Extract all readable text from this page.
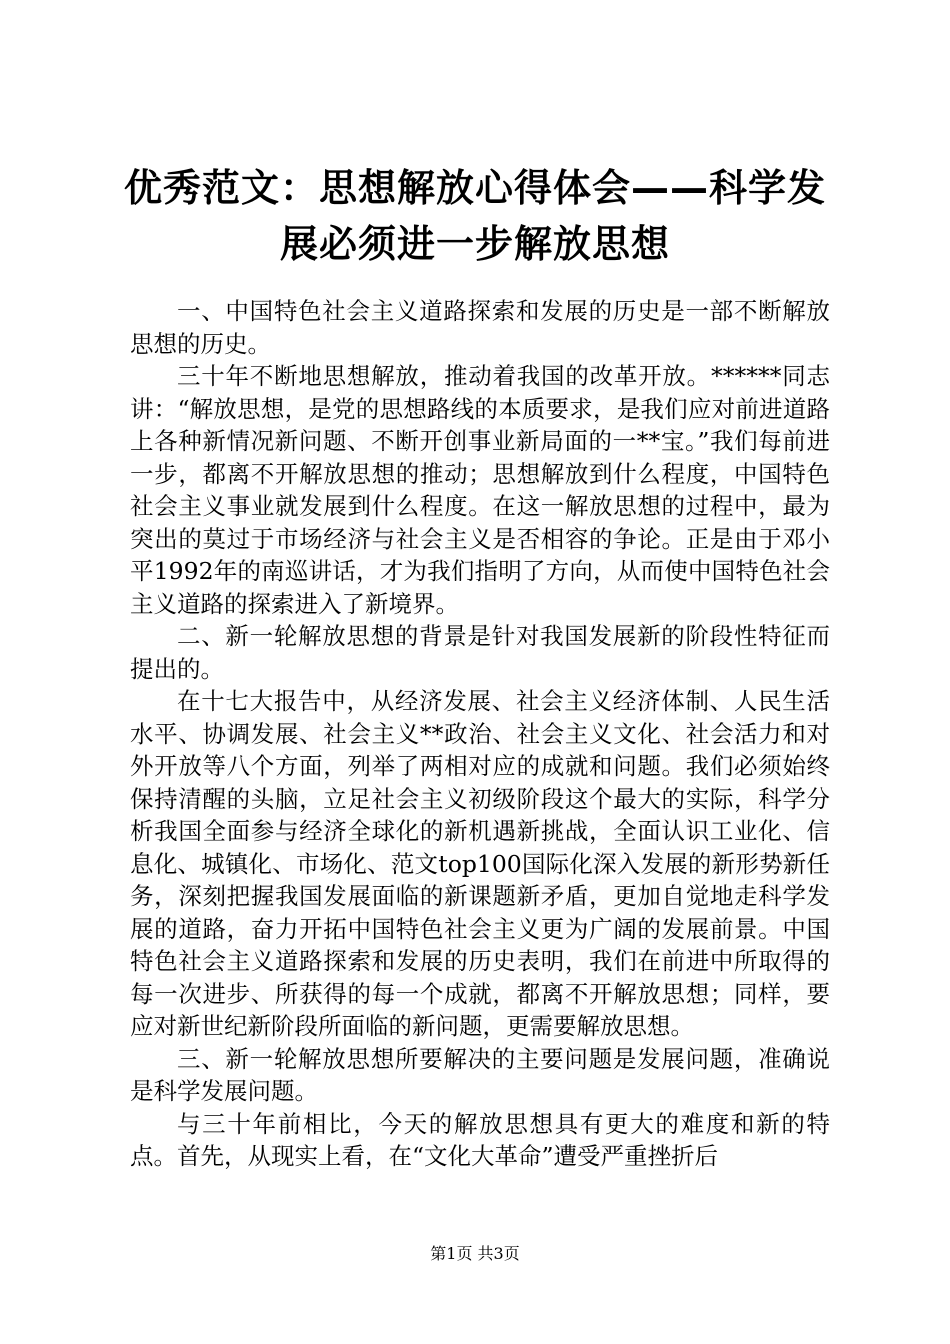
优秀范文：思想解放心得体会——科学发展必须进一步解放思想

一、中国特色社会主义道路探索和发展的历史是一部不断解放思想的历史。

三十年不断地思想解放，推动着我国的改革开放。******同志讲：“解放思想，是党的思想路线的本质要求，是我们应对前进道路上各种新情况新问题、不断开创事业新局面的一**宝。”我们每前进一步，都离不开解放思想的推动；思想解放到什么程度，中国特色社会主义事业就发展到什么程度。在这一解放思想的过程中，最为突出的莫过于市场经济与社会主义是否相容的争论。正是由于邓小平1992年的南巡讲话，才为我们指明了方向，从而使中国特色社会主义道路的探索进入了新境界。

二、新一轮解放思想的背景是针对我国发展新的阶段性特征而提出的。

在十七大报告中，从经济发展、社会主义经济体制、人民生活水平、协调发展、社会主义**政治、社会主义文化、社会活力和对外开放等八个方面，列举了两相对应的成就和问题。我们必须始终保持清醒的头脑，立足社会主义初级阶段这个最大的实际，科学分析我国全面参与经济全球化的新机遇新挑战，全面认识工业化、信息化、城镇化、市场化、范文top100国际化深入发展的新形势新任务，深刻把握我国发展面临的新课题新矛盾，更加自觉地走科学发展的道路，奋力开拓中国特色社会主义更为广阔的发展前景。中国特色社会主义道路探索和发展的历史表明，我们在前进中所取得的每一次进步、所获得的每一个成就，都离不开解放思想；同样，要应对新世纪新阶段所面临的新问题，更需要解放思想。

三、新一轮解放思想所要解决的主要问题是发展问题，准确说是科学发展问题。

与三十年前相比，今天的解放思想具有更大的难度和新的特点。首先，从现实上看，在“文化大革命”遭受严重挫折后

第1页 共3页
